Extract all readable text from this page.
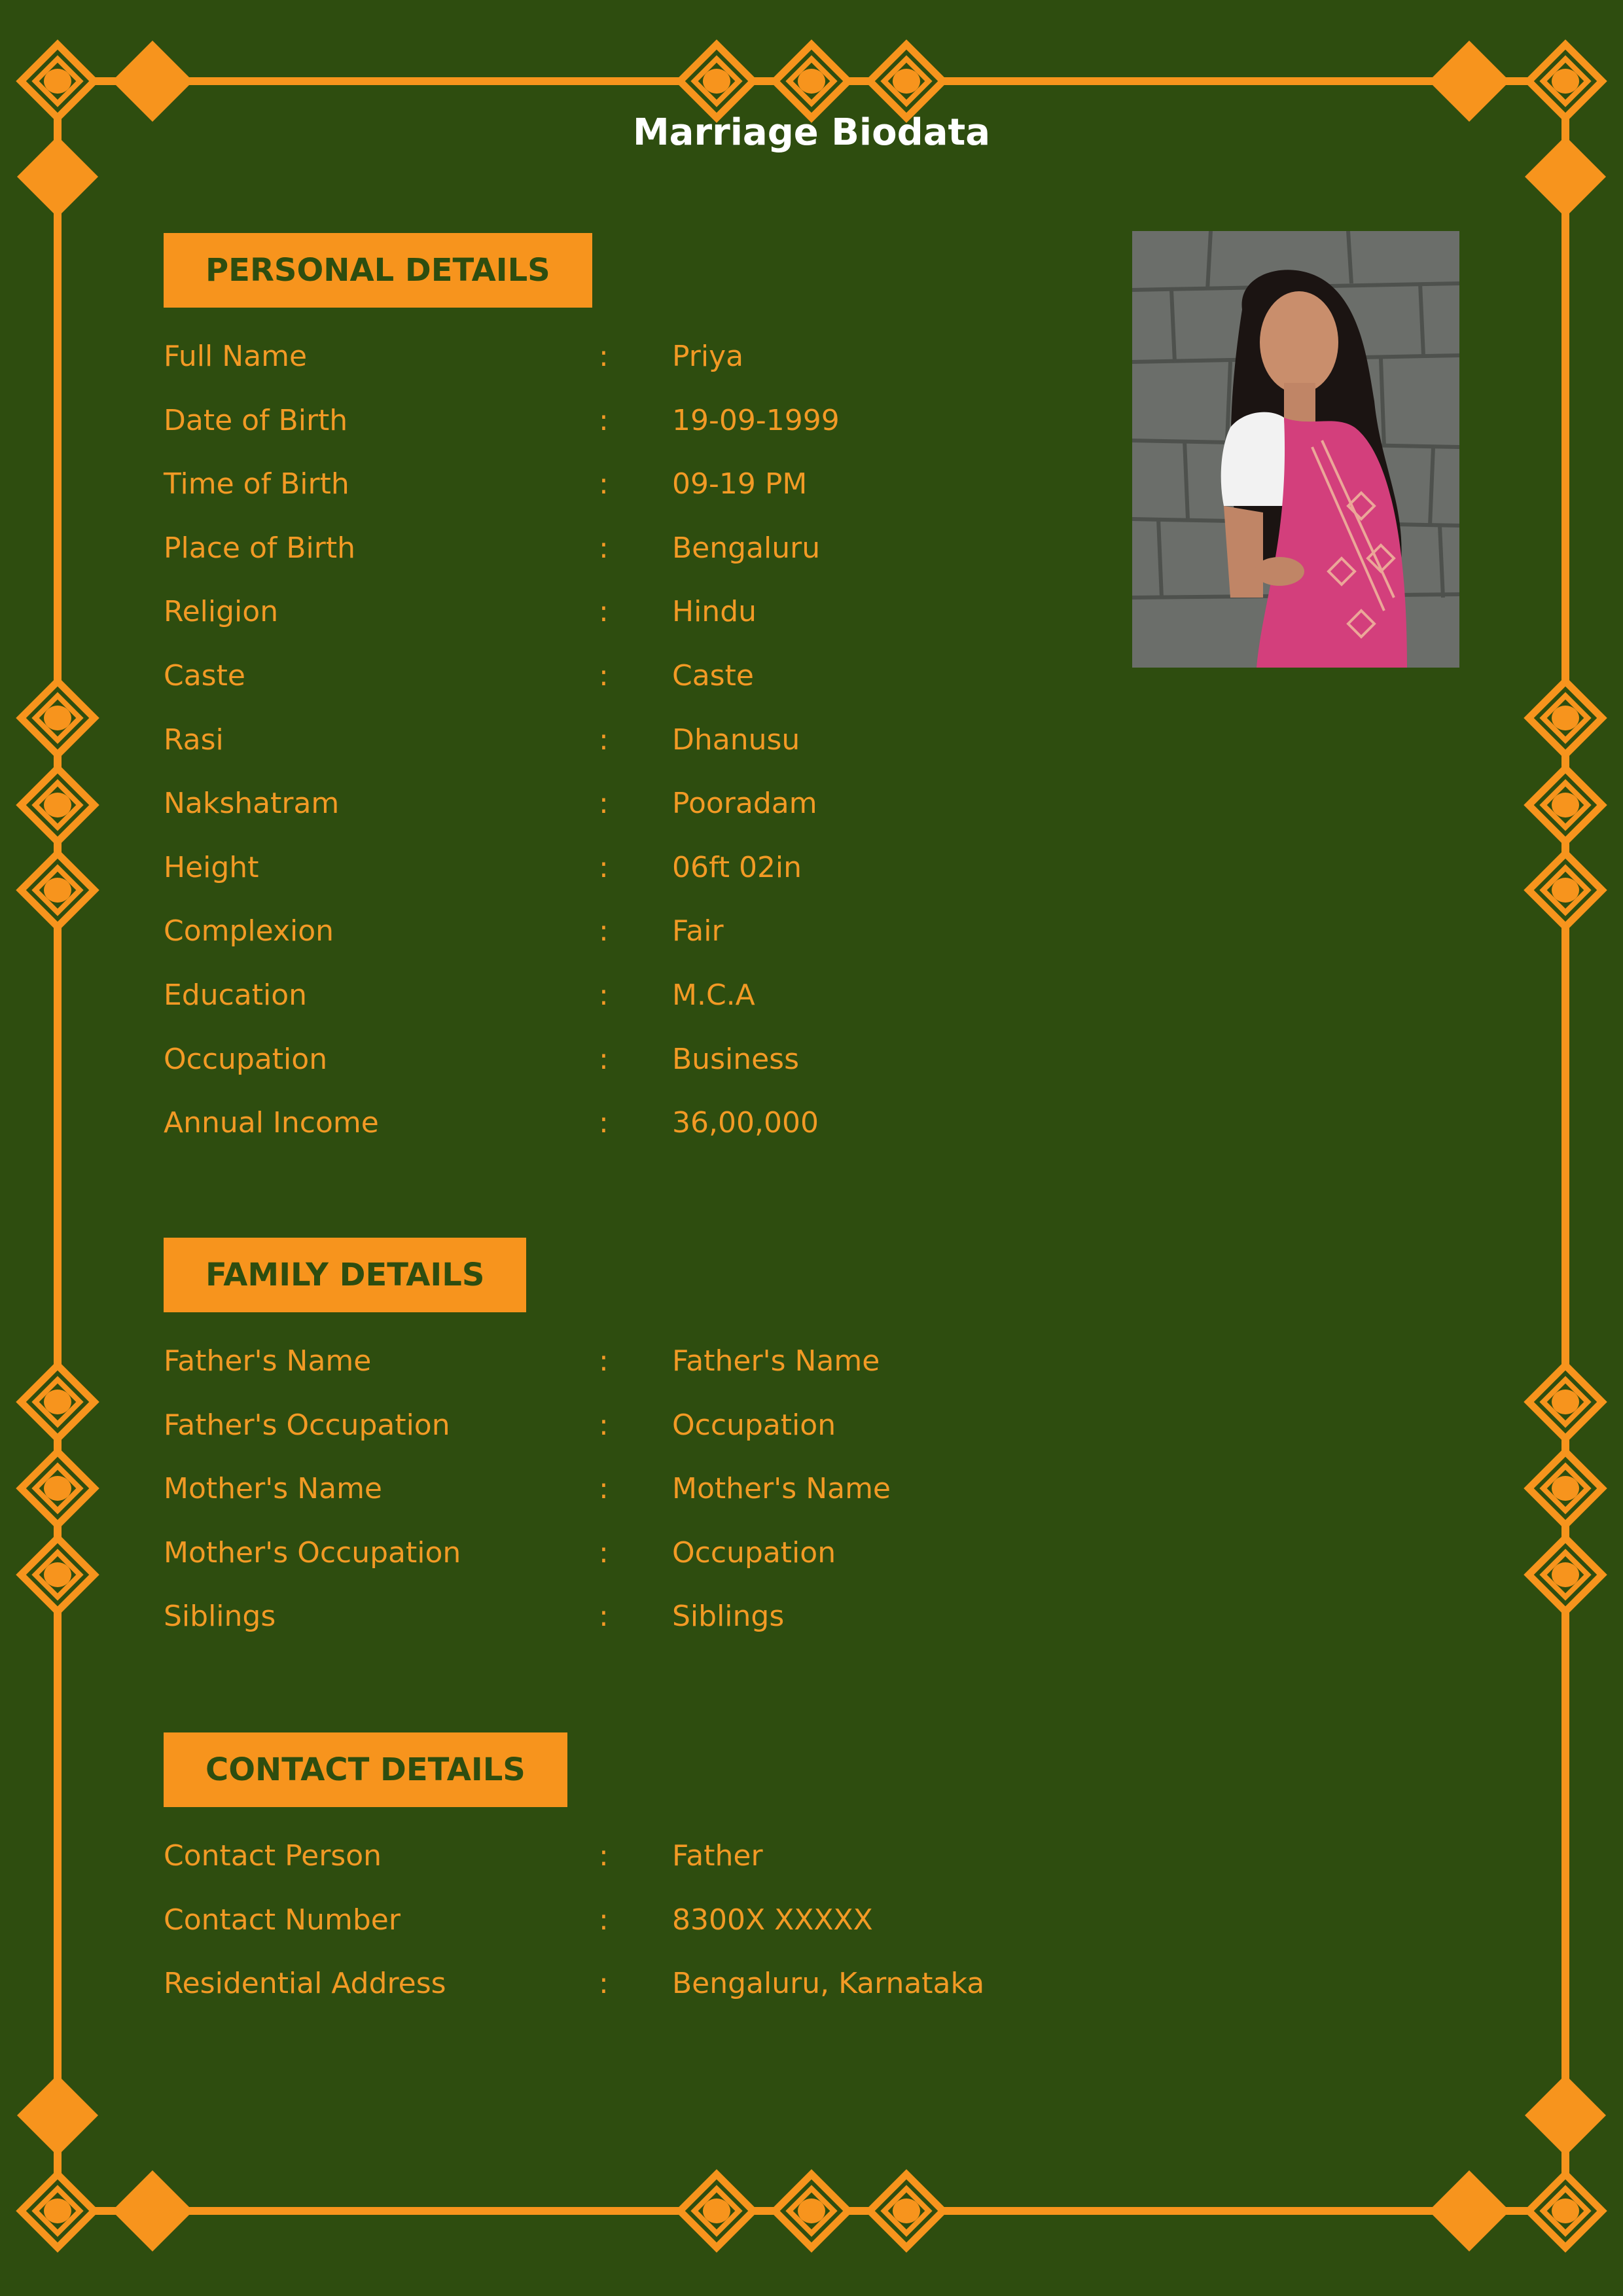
Marriage Biodata
PERSONAL DETAILS
Full Name	: Priya
Date of Birth	: 19-09-1999
Time of Birth	: 09-19 PM
Place of Birth	: Bengaluru
Religion	: Hindu
Caste	: Caste
Rasi	: Dhanusu
Nakshatram	: Pooradam
Height	: 06ft 02in
Complexion	: Fair
Education	: M.C.A
Occupation	: Business
Annual Income	: 36,00,000
FAMILY DETAILS
Father's Name	: Father's Name
Father's Occupation	: Occupation
Mother's Name	: Mother's Name
Mother's Occupation	: Occupation
Siblings	: Siblings
CONTACT DETAILS
Contact Person	: Father
Contact Number	: 8300X XXXXX
Residential Address	: Bengaluru, Karnataka
